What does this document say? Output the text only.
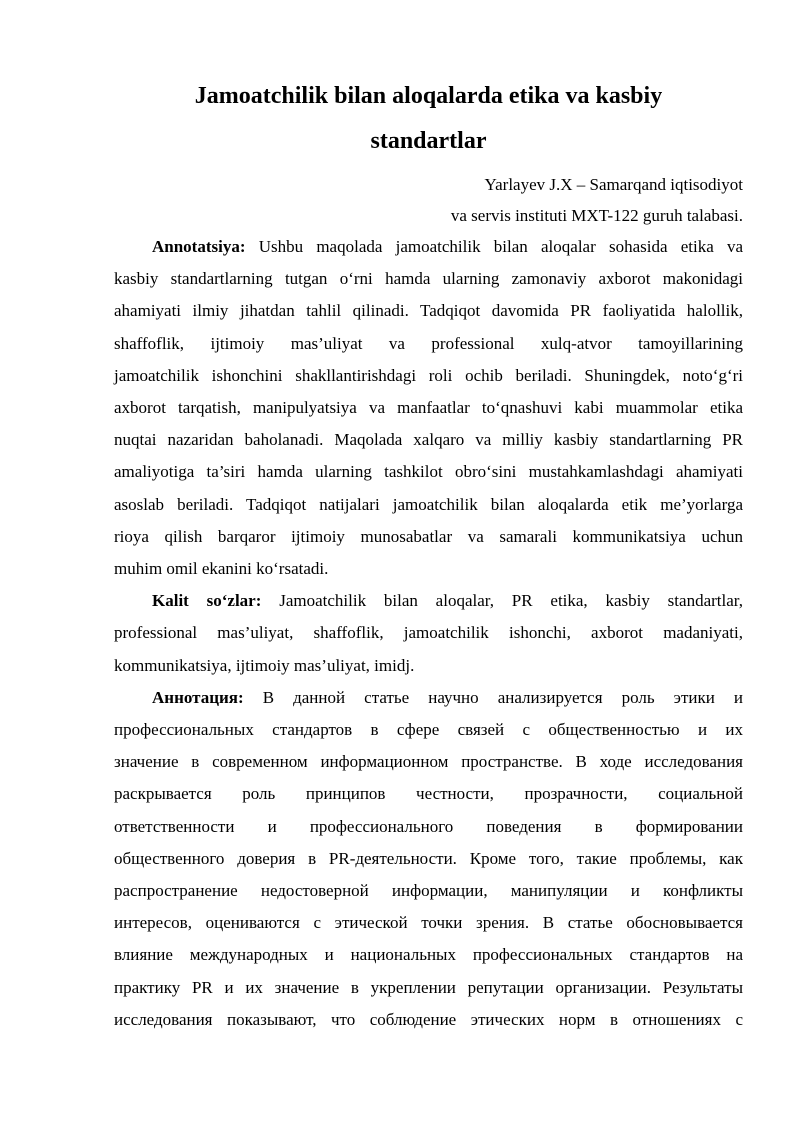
Jamoatchilik bilan aloqalarda etika va kasbiy
standartlar
Yarlayev J.X – Samarqand iqtisodiyot
va servis instituti MXT-122 guruh talabasi.
Annotatsiya: Ushbu maqolada jamoatchilik bilan aloqalar sohasida etika va
kasbiy standartlarning tutgan o‘rni hamda ularning zamonaviy axborot makonidagi
ahamiyati ilmiy jihatdan tahlil qilinadi. Tadqiqot davomida PR faoliyatida halollik,
shaffoflik, ijtimoiy mas’uliyat va professional xulq-atvor tamoyillarining
jamoatchilik ishonchini shakllantirishdagi roli ochib beriladi. Shuningdek, noto‘g‘ri
axborot tarqatish, manipulyatsiya va manfaatlar to‘qnashuvi kabi muammolar etika
nuqtai nazaridan baholanadi. Maqolada xalqaro va milliy kasbiy standartlarning PR
amaliyotiga ta’siri hamda ularning tashkilot obro‘sini mustahkamlashdagi ahamiyati
asoslab beriladi. Tadqiqot natijalari jamoatchilik bilan aloqalarda etik me’yorlarga
rioya qilish barqaror ijtimoiy munosabatlar va samarali kommunikatsiya uchun
muhim omil ekanini ko‘rsatadi.
Kalit so‘zlar: Jamoatchilik bilan aloqalar, PR etika, kasbiy standartlar,
professional mas’uliyat, shaffoflik, jamoatchilik ishonchi, axborot madaniyati,
kommunikatsiya, ijtimoiy mas’uliyat, imidj.
Аннотация: В данной статье научно анализируется роль этики и
профессиональных стандартов в сфере связей с общественностью и их
значение в современном информационном пространстве. В ходе исследования
раскрывается роль принципов честности, прозрачности, социальной
ответственности и профессионального поведения в формировании
общественного доверия в PR-деятельности. Кроме того, такие проблемы, как
распространение недостоверной информации, манипуляции и конфликты
интересов, оцениваются с этической точки зрения. В статье обосновывается
влияние международных и национальных профессиональных стандартов на
практику PR и их значение в укреплении репутации организации. Результаты
исследования показывают, что соблюдение этических норм в отношениях с
